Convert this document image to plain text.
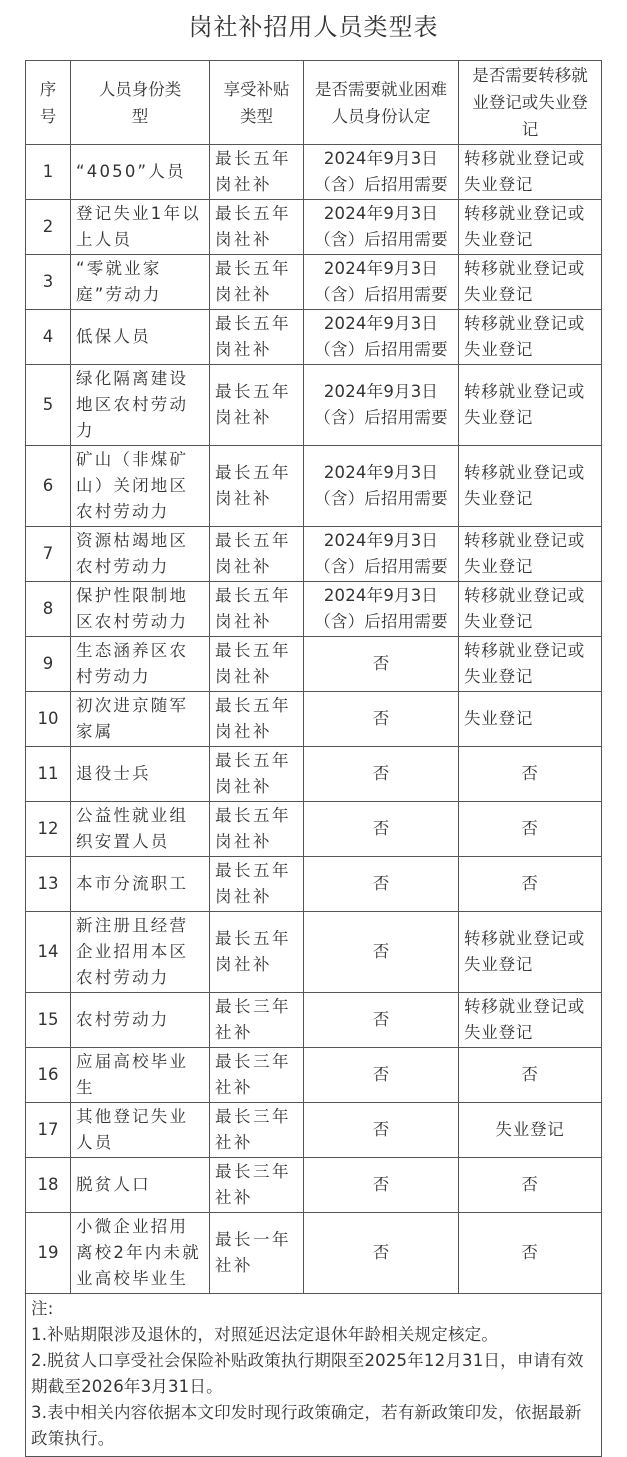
岗社补招用人员类型表
序号	人员身份类型	享受补贴类型	是否需要就业困难人员身份认定	是否需要转移就业登记或失业登记
1	“4050”人员	最长五年岗社补	2024年9月3日（含）后招用需要	转移就业登记或失业登记
2	登记失业1年以上人员	最长五年岗社补	2024年9月3日（含）后招用需要	转移就业登记或失业登记
3	“零就业家庭”劳动力	最长五年岗社补	2024年9月3日（含）后招用需要	转移就业登记或失业登记
4	低保人员	最长五年岗社补	2024年9月3日（含）后招用需要	转移就业登记或失业登记
5	绿化隔离建设地区农村劳动力	最长五年岗社补	2024年9月3日（含）后招用需要	转移就业登记或失业登记
6	矿山（非煤矿山）关闭地区农村劳动力	最长五年岗社补	2024年9月3日（含）后招用需要	转移就业登记或失业登记
7	资源枯竭地区农村劳动力	最长五年岗社补	2024年9月3日（含）后招用需要	转移就业登记或失业登记
8	保护性限制地区农村劳动力	最长五年岗社补	2024年9月3日（含）后招用需要	转移就业登记或失业登记
9	生态涵养区农村劳动力	最长五年岗社补	否	转移就业登记或失业登记
10	初次进京随军家属	最长五年岗社补	否	失业登记
11	退役士兵	最长五年岗社补	否	否
12	公益性就业组织安置人员	最长五年岗社补	否	否
13	本市分流职工	最长五年岗社补	否	否
14	新注册且经营企业招用本区农村劳动力	最长五年岗社补	否	转移就业登记或失业登记
15	农村劳动力	最长三年社补	否	转移就业登记或失业登记
16	应届高校毕业生	最长三年社补	否	否
17	其他登记失业人员	最长三年社补	否	失业登记
18	脱贫人口	最长三年社补	否	否
19	小微企业招用离校2年内未就业高校毕业生	最长一年社补	否	否

注:
1.补贴期限涉及退休的，对照延迟法定退休年龄相关规定核定。
2.脱贫人口享受社会保险补贴政策执行期限至2025年12月31日，申请有效期截至2026年3月31日。
3.表中相关内容依据本文印发时现行政策确定，若有新政策印发，依据最新政策执行。				
